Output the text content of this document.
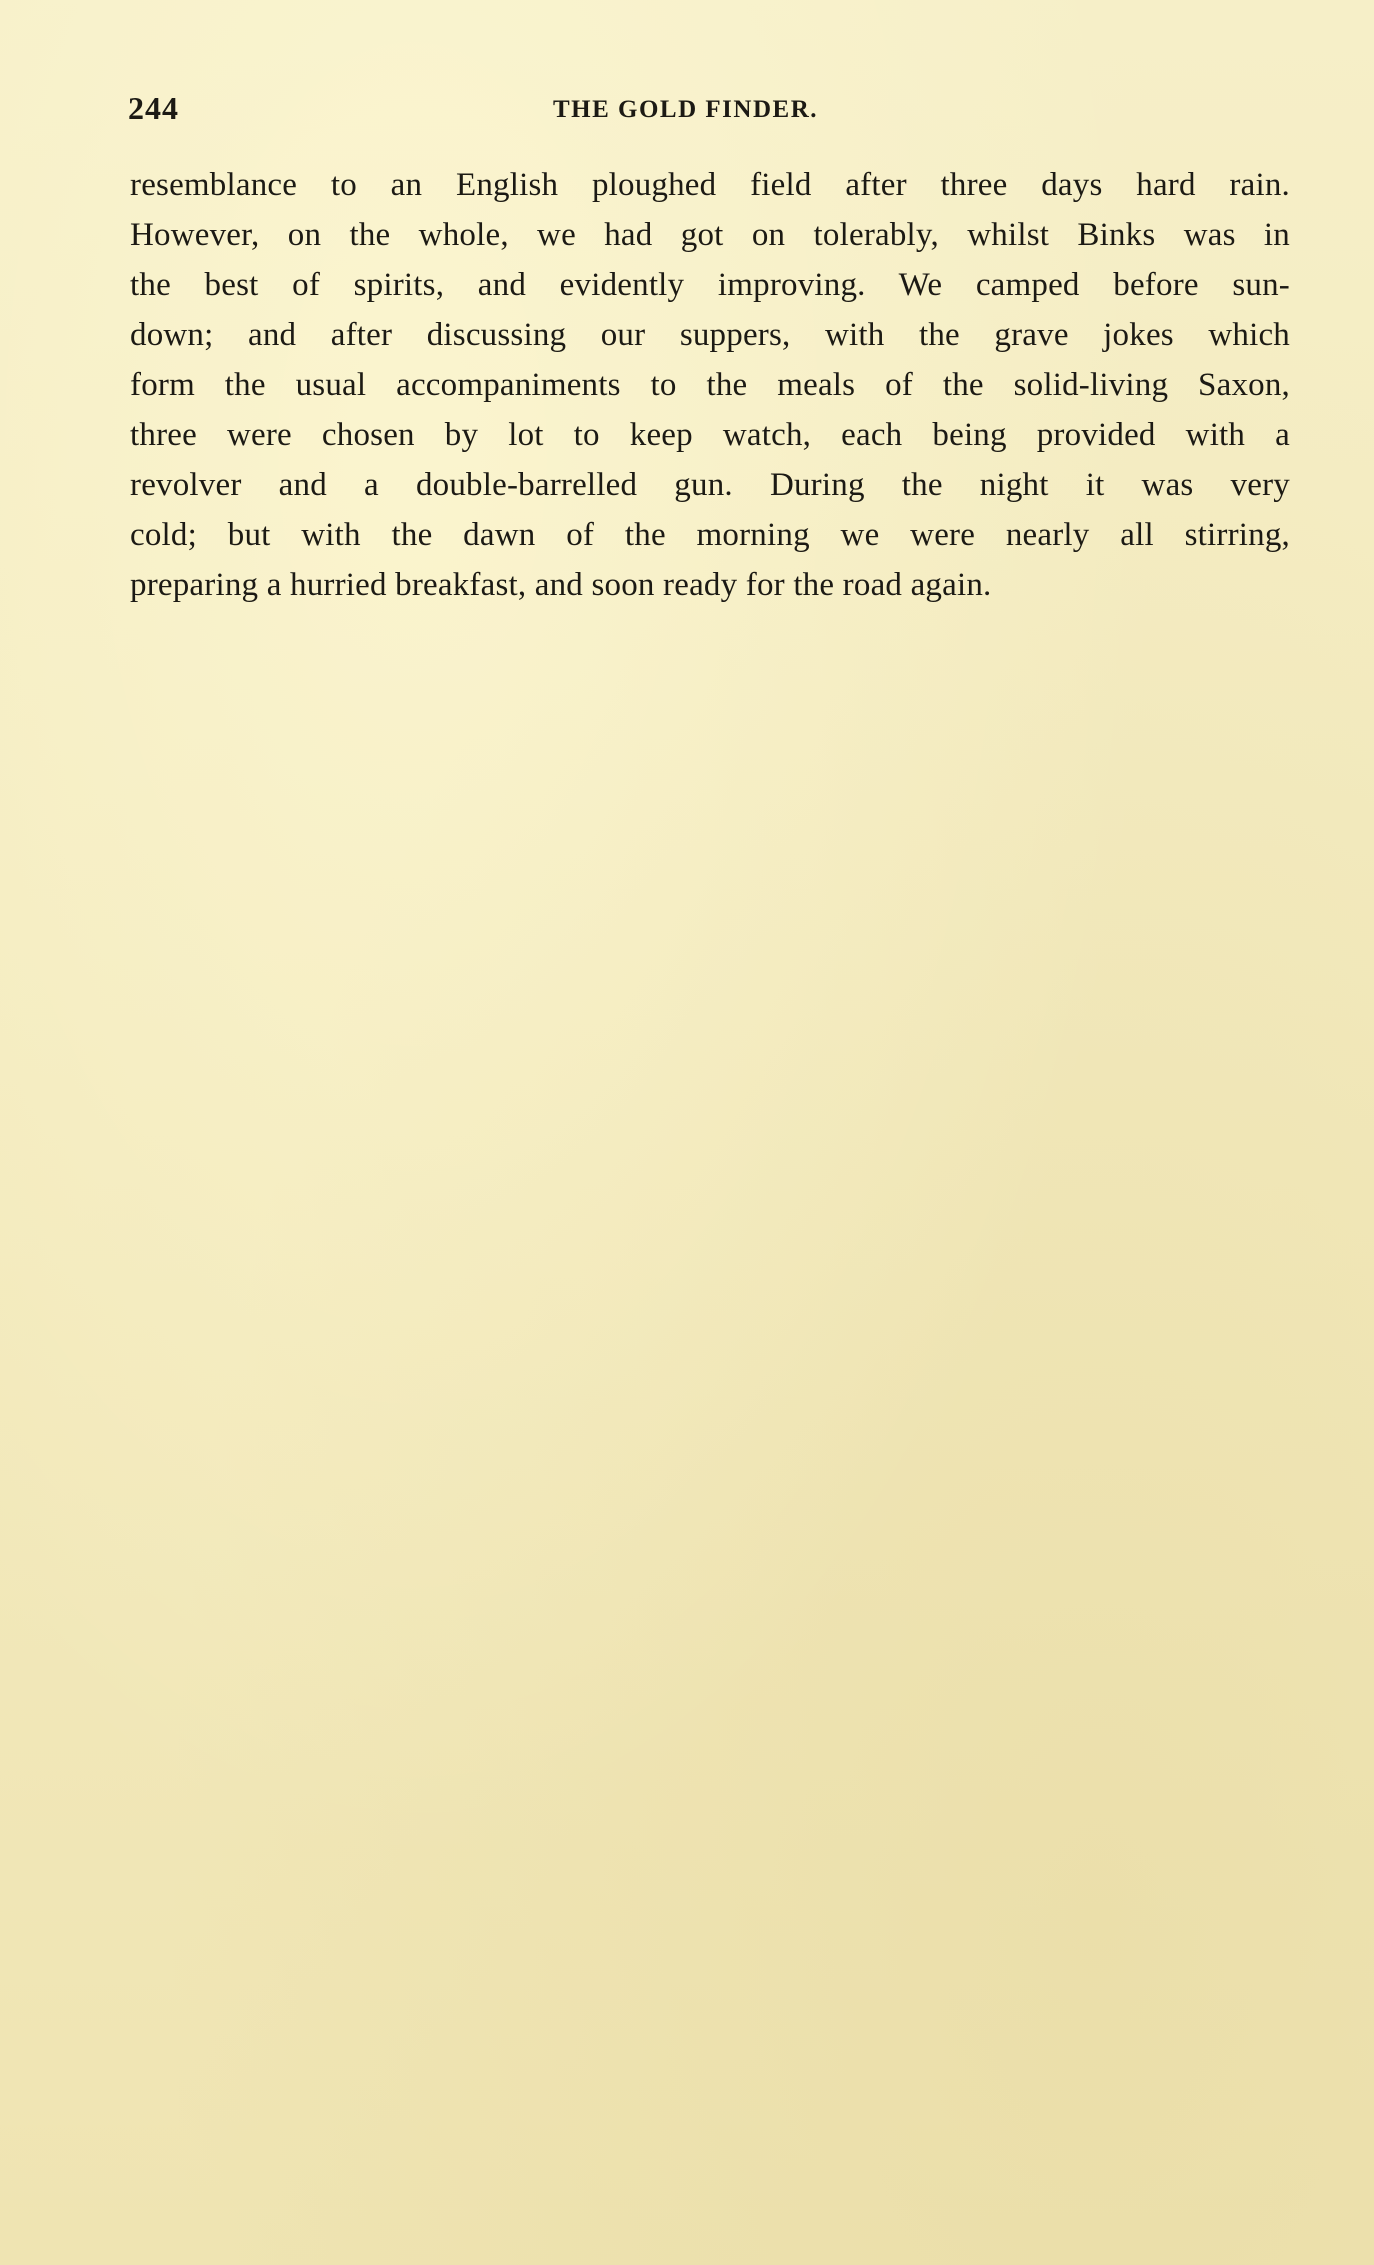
244	THE GOLD FINDER.
resemblance to an English ploughed field after three days hard rain.
However, on the whole, we had got on tolerably, whilst Binks was in
the best of spirits, and evidently improving. We camped before sun-
down; and after discussing our suppers, with the grave jokes which
form the usual accompaniments to the meals of the solid-living Saxon,
three were chosen by lot to keep watch, each being provided with a
revolver and a double-barrelled gun. During the night it was very
cold; but with the dawn of the morning we were nearly all stirring,
preparing a hurried breakfast, and soon ready for the road again.
